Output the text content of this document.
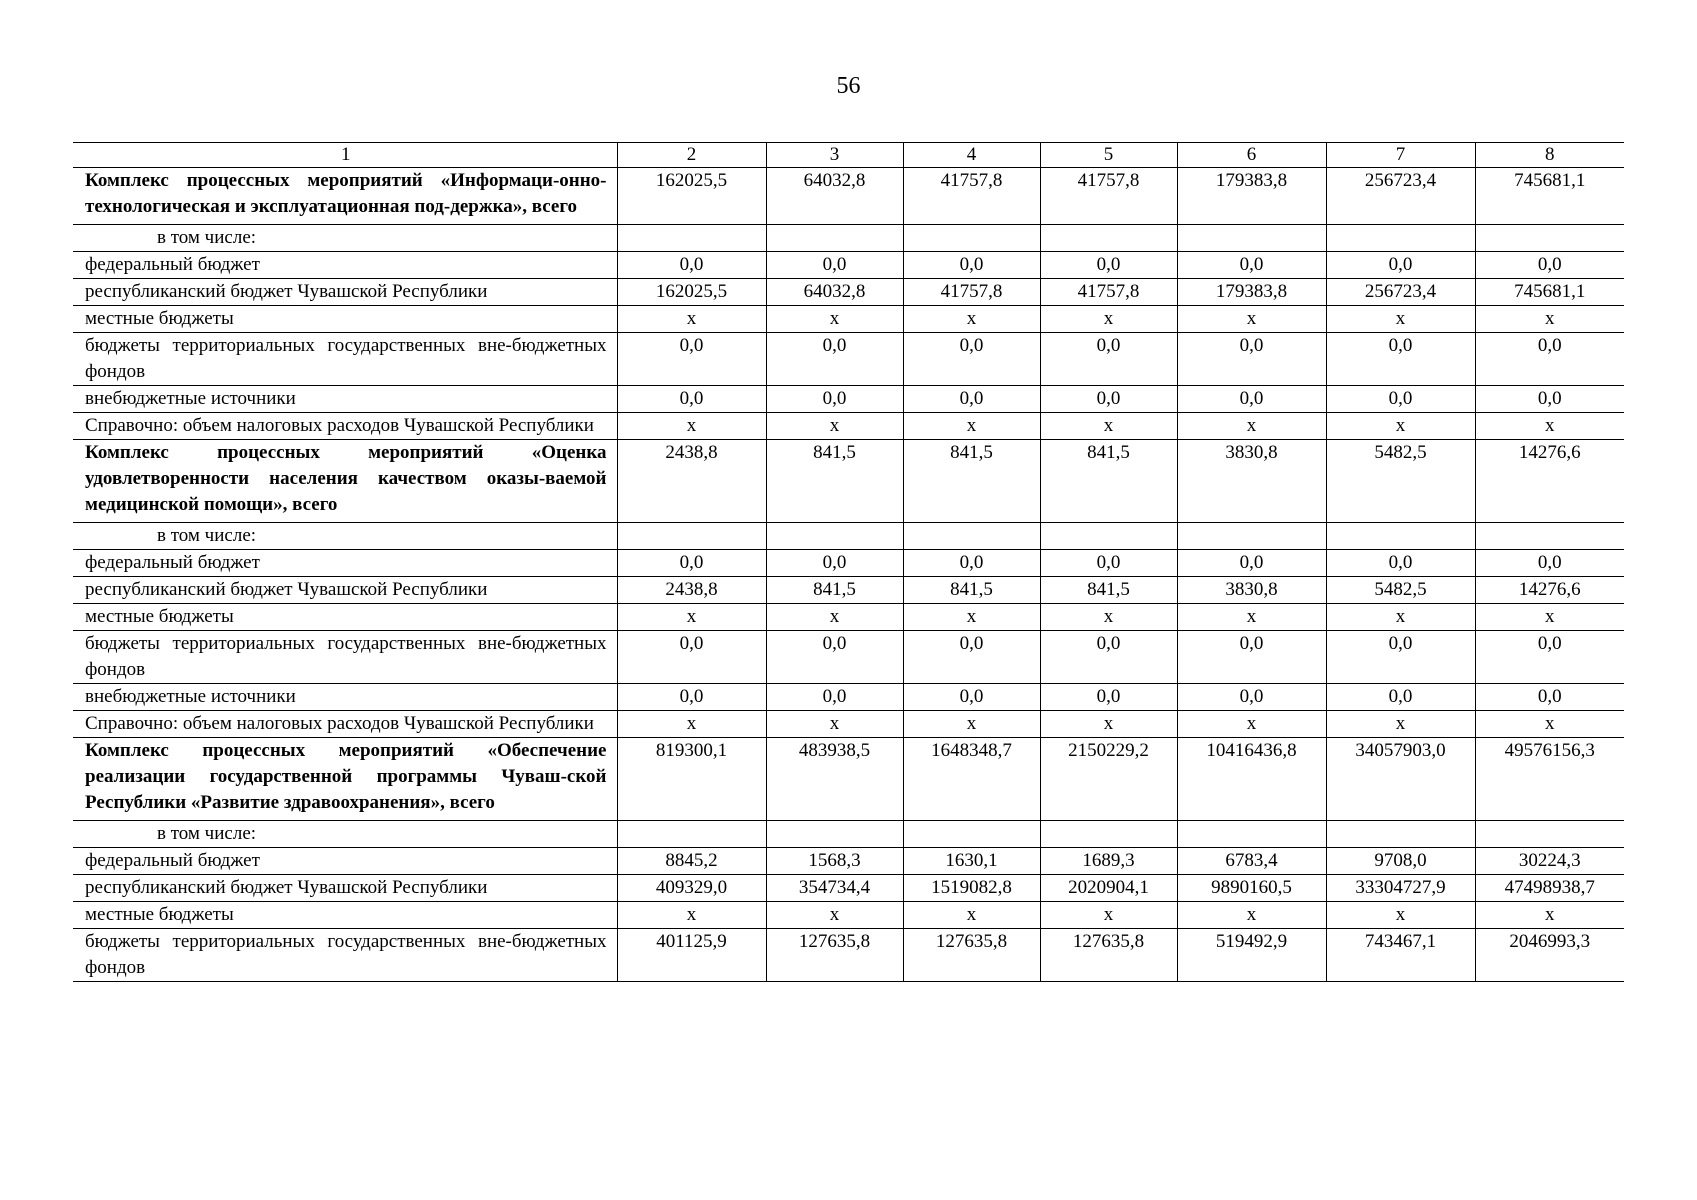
56
1	2	3	4	5	6	7	8
Комплекс процессных мероприятий «Информаци-онно-технологическая и эксплуатационная под-держка», всего	162025,5	64032,8	41757,8	41757,8	179383,8	256723,4	745681,1
в том числе:							
федеральный бюджет	0,0	0,0	0,0	0,0	0,0	0,0	0,0
республиканский бюджет Чувашской Республики	162025,5	64032,8	41757,8	41757,8	179383,8	256723,4	745681,1
местные бюджеты	х	х	х	х	х	х	х
бюджеты территориальных государственных вне-бюджетных фондов	0,0	0,0	0,0	0,0	0,0	0,0	0,0
внебюджетные источники	0,0	0,0	0,0	0,0	0,0	0,0	0,0
Справочно: объем налоговых расходов Чувашской Республики	х	х	х	х	х	х	х
Комплекс процессных мероприятий «Оценка удовлетворенности населения качеством оказы-ваемой медицинской помощи», всего	2438,8	841,5	841,5	841,5	3830,8	5482,5	14276,6
в том числе:							
федеральный бюджет	0,0	0,0	0,0	0,0	0,0	0,0	0,0
республиканский бюджет Чувашской Республики	2438,8	841,5	841,5	841,5	3830,8	5482,5	14276,6
местные бюджеты	х	х	х	х	х	х	х
бюджеты территориальных государственных вне-бюджетных фондов	0,0	0,0	0,0	0,0	0,0	0,0	0,0
внебюджетные источники	0,0	0,0	0,0	0,0	0,0	0,0	0,0
Справочно: объем налоговых расходов Чувашской Республики	х	х	х	х	х	х	х
Комплекс процессных мероприятий «Обеспечение реализации государственной программы Чуваш-ской Республики «Развитие здравоохранения», всего	819300,1	483938,5	1648348,7	2150229,2	10416436,8	34057903,0	49576156,3
в том числе:							
федеральный бюджет	8845,2	1568,3	1630,1	1689,3	6783,4	9708,0	30224,3
республиканский бюджет Чувашской Республики	409329,0	354734,4	1519082,8	2020904,1	9890160,5	33304727,9	47498938,7
местные бюджеты	х	х	х	х	х	х	х
бюджеты территориальных государственных вне-бюджетных фондов	401125,9	127635,8	127635,8	127635,8	519492,9	743467,1	2046993,3
